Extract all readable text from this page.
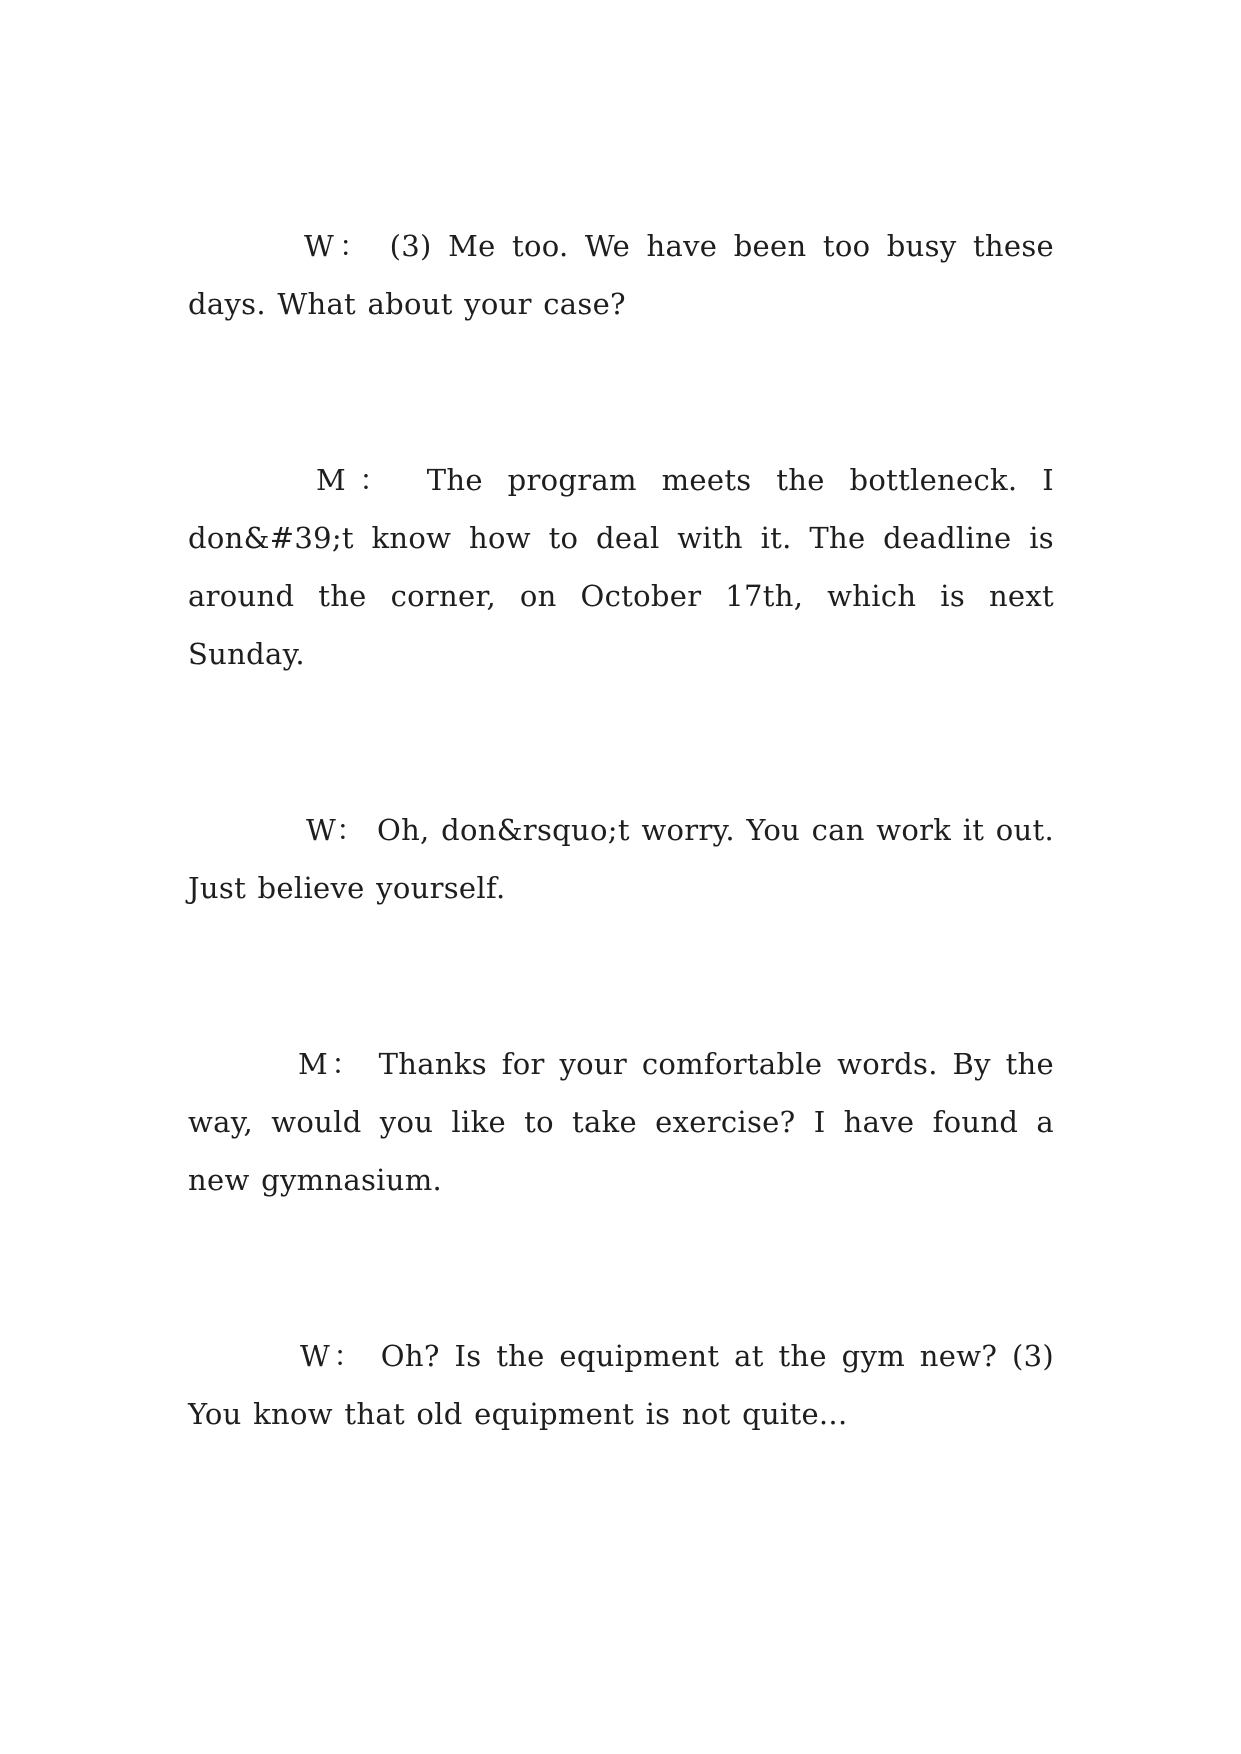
W： (3) Me too. We have been too busy these days. What about your case?

M： The program meets the bottleneck. I don&#39;t know how to deal with it. The deadline is around the corner, on October 17th, which is next Sunday.

W： Oh, don&rsquo;t worry. You can work it out. Just believe yourself.

M： Thanks for your comfortable words. By the way, would you like to take exercise? I have found a new gymnasium.

W： Oh? Is the equipment at the gym new? (3) You know that old equipment is not quite...
